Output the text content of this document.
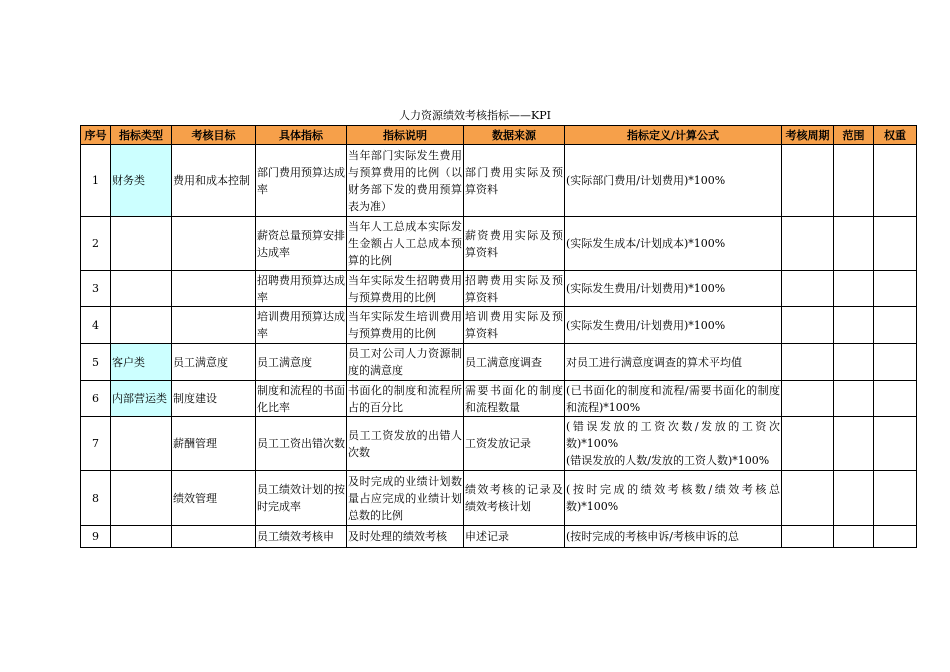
人力资源绩效考核指标——KPI
序号	指标类型	考核目标	具体指标	指标说明	数据来源	指标定义/计算公式	考核周期	范围	权重
1	财务类	费用和成本控制	部门费用预算达成率	当年部门实际发生费用与预算费用的比例（以财务部下发的费用预算表为准）	部门费用实际及预算资料	(实际部门费用/计划费用)*100%			
2			薪资总量预算安排达成率	当年人工总成本实际发生金额占人工总成本预算的比例	薪资费用实际及预算资料	(实际发生成本/计划成本)*100%			
3			招聘费用预算达成率	当年实际发生招聘费用与预算费用的比例	招聘费用实际及预算资料	(实际发生费用/计划费用)*100%			
4			培训费用预算达成率	当年实际发生培训费用与预算费用的比例	培训费用实际及预算资料	(实际发生费用/计划费用)*100%			
5	客户类	员工满意度	员工满意度	员工对公司人力资源制度的满意度	员工满意度调查	对员工进行满意度调查的算术平均值			
6	内部营运类	制度建设	制度和流程的书面化比率	书面化的制度和流程所占的百分比	需要书面化的制度和流程数量	(已书面化的制度和流程/需要书面化的制度和流程)*100%			
7		薪酬管理	员工工资出错次数	员工工资发放的出错人次数	工资发放记录	(错误发放的工资次数/发放的工资次数)*100%
(错误发放的人数/发放的工资人数)*100%			
8		绩效管理	员工绩效计划的按时完成率	及时完成的业绩计划数量占应完成的业绩计划总数的比例	绩效考核的记录及绩效考核计划	(按时完成的绩效考核数/绩效考核总数)*100%			
9			员工绩效考核申	及时处理的绩效考核	申述记录	(按时完成的考核申诉/考核申诉的总			
